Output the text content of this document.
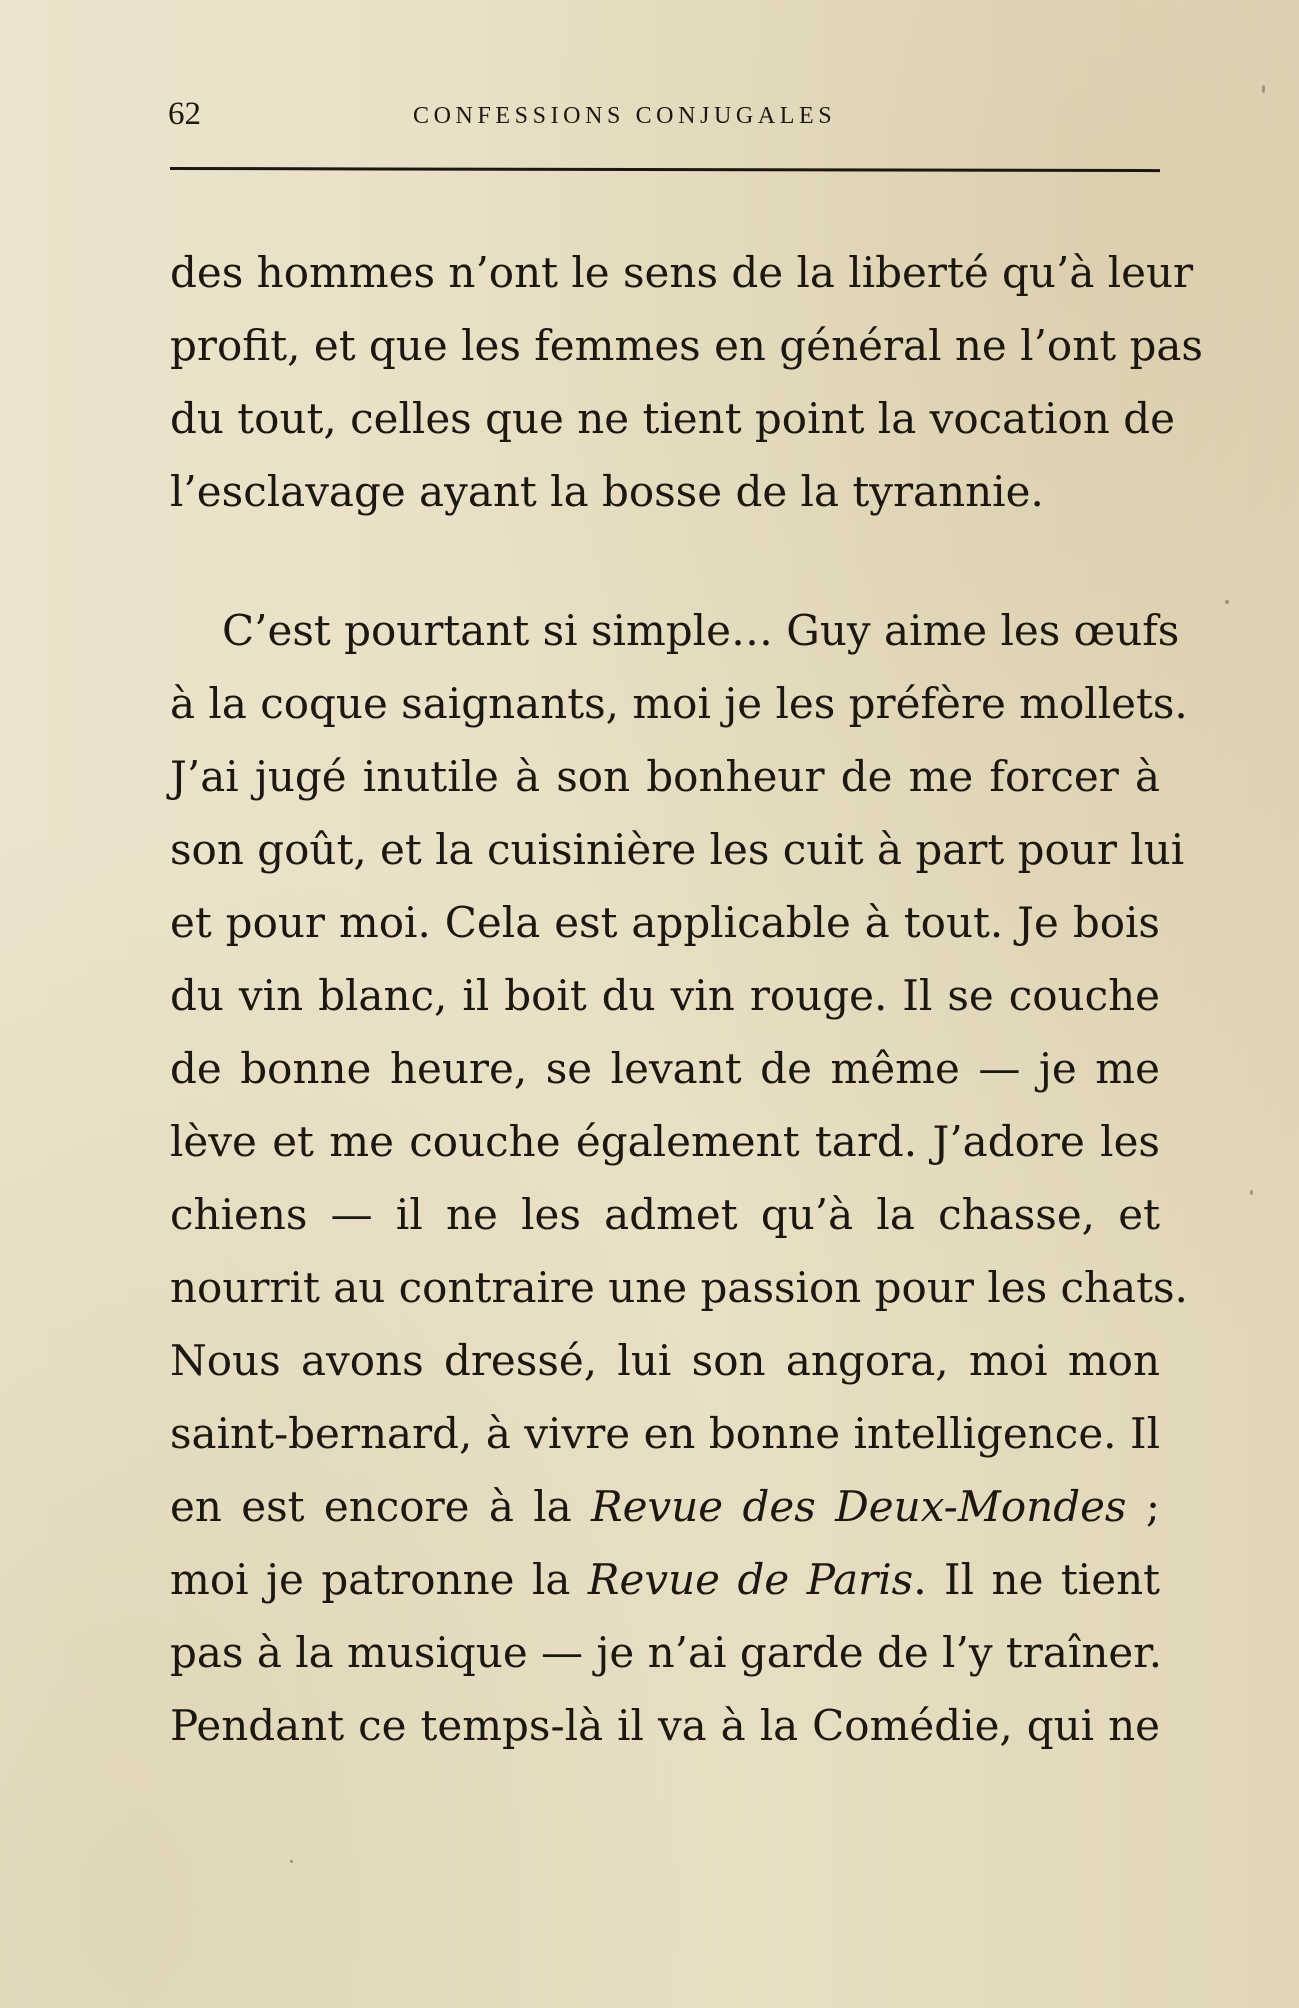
62	CONFESSIONS CONJUGALES
des hommes n’ont le sens de la liberté qu’à leur
profit, et que les femmes en général ne l’ont pas
du tout, celles que ne tient point la vocation de
l’esclavage ayant la bosse de la tyrannie.
C’est pourtant si simple… Guy aime les œufs
à la coque saignants, moi je les préfère mollets.
J’ai jugé inutile à son bonheur de me forcer à
son goût, et la cuisinière les cuit à part pour lui
et pour moi. Cela est applicable à tout. Je bois
du vin blanc, il boit du vin rouge. Il se couche
de bonne heure, se levant de même — je me
lève et me couche également tard. J’adore les
chiens — il ne les admet qu’à la chasse, et
nourrit au contraire une passion pour les chats.
Nous avons dressé, lui son angora, moi mon
saint-bernard, à vivre en bonne intelligence. Il
en est encore à la Revue des Deux-Mondes ;
moi je patronne la Revue de Paris. Il ne tient
pas à la musique — je n’ai garde de l’y traîner.
Pendant ce temps-là il va à la Comédie, qui ne
